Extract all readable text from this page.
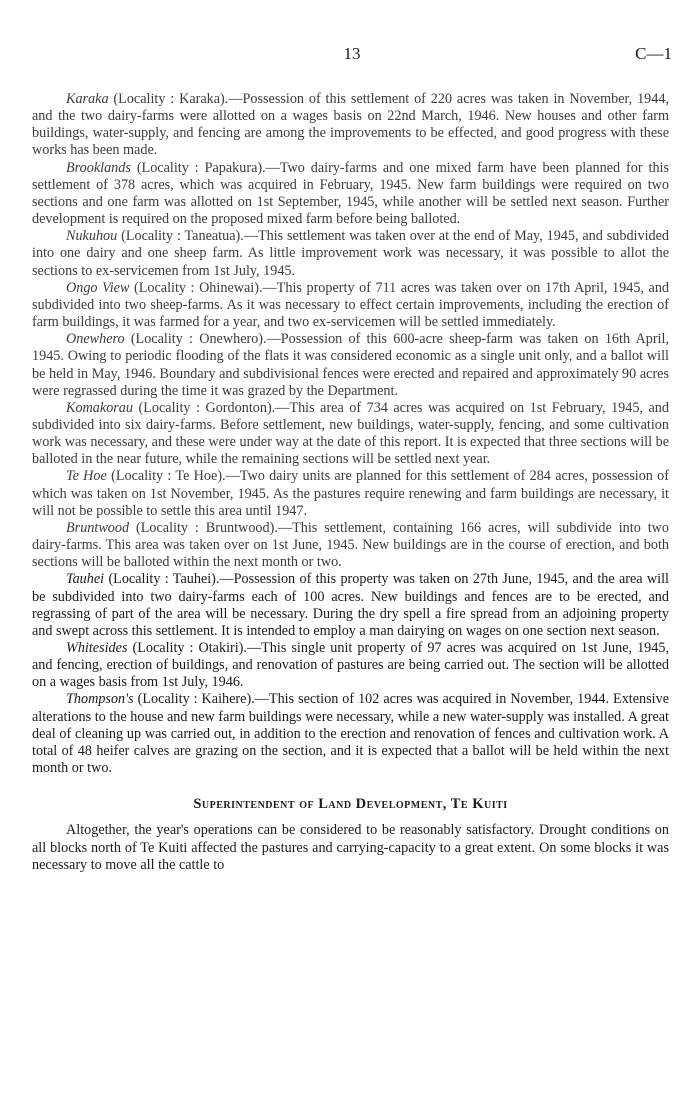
13	C—1

Karaka (Locality : Karaka).—Possession of this settlement of 220 acres was taken in November, 1944, and the two dairy-farms were allotted on a wages basis on 22nd March, 1946. New houses and other farm buildings, water-supply, and fencing are among the improvements to be effected, and good progress with these works has been made.

Brooklands (Locality : Papakura).—Two dairy-farms and one mixed farm have been planned for this settlement of 378 acres, which was acquired in February, 1945. New farm buildings were required on two sections and one farm was allotted on 1st September, 1945, while another will be settled next season. Further development is required on the proposed mixed farm before being balloted.

Nukuhou (Locality : Taneatua).—This settlement was taken over at the end of May, 1945, and subdivided into one dairy and one sheep farm. As little improvement work was necessary, it was possible to allot the sections to ex-servicemen from 1st July, 1945.

Ongo View (Locality : Ohinewai).—This property of 711 acres was taken over on 17th April, 1945, and subdivided into two sheep-farms. As it was necessary to effect certain improvements, including the erection of farm buildings, it was farmed for a year, and two ex-servicemen will be settled immediately.

Onewhero (Locality : Onewhero).—Possession of this 600-acre sheep-farm was taken on 16th April, 1945. Owing to periodic flooding of the flats it was considered economic as a single unit only, and a ballot will be held in May, 1946. Boundary and subdivisional fences were erected and repaired and approximately 90 acres were regrassed during the time it was grazed by the Department.

Komakorau (Locality : Gordonton).—This area of 734 acres was acquired on 1st February, 1945, and subdivided into six dairy-farms. Before settlement, new buildings, water-supply, fencing, and some cultivation work was necessary, and these were under way at the date of this report. It is expected that three sections will be balloted in the near future, while the remaining sections will be settled next year.

Te Hoe (Locality : Te Hoe).—Two dairy units are planned for this settlement of 284 acres, possession of which was taken on 1st November, 1945. As the pastures require renewing and farm buildings are necessary, it will not be possible to settle this area until 1947.

Bruntwood (Locality : Bruntwood).—This settlement, containing 166 acres, will subdivide into two dairy-farms. This area was taken over on 1st June, 1945. New buildings are in the course of erection, and both sections will be balloted within the next month or two.

Tauhei (Locality : Tauhei).—Possession of this property was taken on 27th June, 1945, and the area will be subdivided into two dairy-farms each of 100 acres. New buildings and fences are to be erected, and regrassing of part of the area will be necessary. During the dry spell a fire spread from an adjoining property and swept across this settlement. It is intended to employ a man dairying on wages on one section next season.

Whitesides (Locality : Otakiri).—This single unit property of 97 acres was acquired on 1st June, 1945, and fencing, erection of buildings, and renovation of pastures are being carried out. The section will be allotted on a wages basis from 1st July, 1946.

Thompson's (Locality : Kaihere).—This section of 102 acres was acquired in November, 1944. Extensive alterations to the house and new farm buildings were necessary, while a new water-supply was installed. A great deal of cleaning up was carried out, in addition to the erection and renovation of fences and cultivation work. A total of 48 heifer calves are grazing on the section, and it is expected that a ballot will be held within the next month or two.

Superintendent of Land Development, Te Kuiti

Altogether, the year's operations can be considered to be reasonably satisfactory. Drought conditions on all blocks north of Te Kuiti affected the pastures and carrying-capacity to a great extent. On some blocks it was necessary to move all the cattle to
